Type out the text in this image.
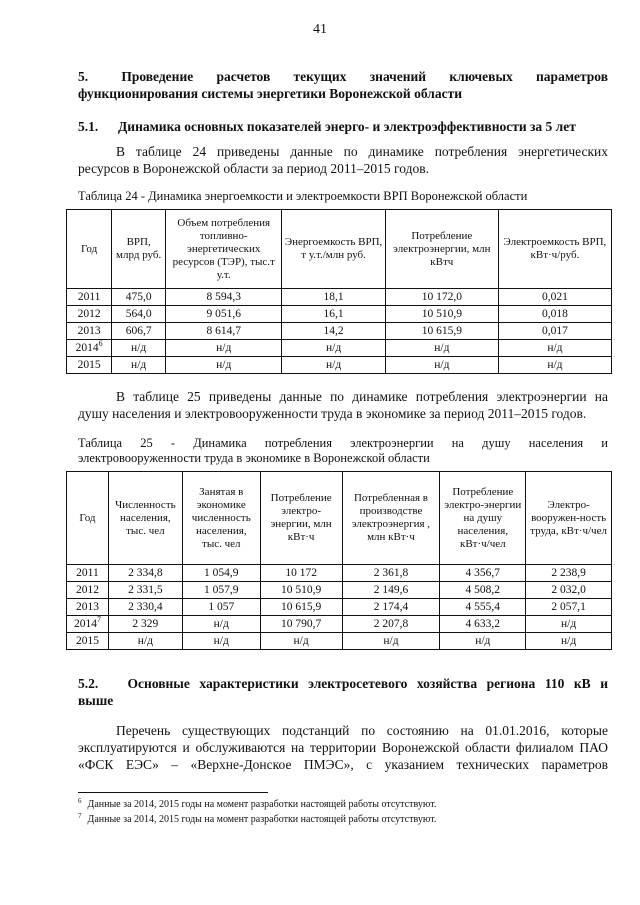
41
5. Проведение расчетов текущих значений ключевых параметров
функционирования системы энергетики Воронежской области
5.1. Динамика основных показателей энерго- и электроэффективности за 5 лет
В таблице 24 приведены данные по динамике потребления энергетических
ресурсов в Воронежской области за период 2011–2015 годов.
Таблица 24 - Динамика энергоемкости и электроемкости ВРП Воронежской области
Год	ВРП, млрд руб.	Объем потребления топливно-энергетических ресурсов (ТЭР), тыс.т у.т.	Энергоемкость ВРП, т у.т./млн руб.	Потребление электроэнергии, млн кВтч	Электроемкость ВРП, кВт·ч/руб.
2011	475,0	8 594,3	18,1	10 172,0	0,021
2012	564,0	9 051,6	16,1	10 510,9	0,018
2013	606,7	8 614,7	14,2	10 615,9	0,017
2014$^6$	н/д	н/д	н/д	н/д	н/д
2015	н/д	н/д	н/д	н/д	н/д
В таблице 25 приведены данные по динамике потребления электроэнергии на
душу населения и электровооруженности труда в экономике за период 2011–2015 годов.
Таблица 25 - Динамика потребления электроэнергии на душу населения и
электровооруженности труда в экономике в Воронежской области
Год	Численность населения, тыс. чел	Занятая в экономике численность населения, тыс. чел	Потребление электро-энергии, млн кВт·ч	Потребленная в производстве электроэнергия , млн кВт·ч	Потребление электро-энергии на душу населения, кВт·ч/чел	Электро-вооружен-ность труда, кВт·ч/чел
2011	2 334,8	1 054,9	10 172	2 361,8	4 356,7	2 238,9
2012	2 331,5	1 057,9	10 510,9	2 149,6	4 508,2	2 032,0
2013	2 330,4	1 057	10 615,9	2 174,4	4 555,4	2 057,1
2014$^7$	2 329	н/д	10 790,7	2 207,8	4 633,2	н/д
2015	н/д	н/д	н/д	н/д	н/д	н/д
5.2. Основные характеристики электросетевого хозяйства региона 110 кВ и
выше
Перечень существующих подстанций по состоянию на 01.01.2016, которые
эксплуатируются и обслуживаются на территории Воронежской области филиалом ПАО
«ФСК ЕЭС» – «Верхне-Донское ПМЭС», с указанием технических параметров
$^6$ Данные за 2014, 2015 годы на момент разработки настоящей работы отсутствуют.
$^7$ Данные за 2014, 2015 годы на момент разработки настоящей работы отсутствуют.
